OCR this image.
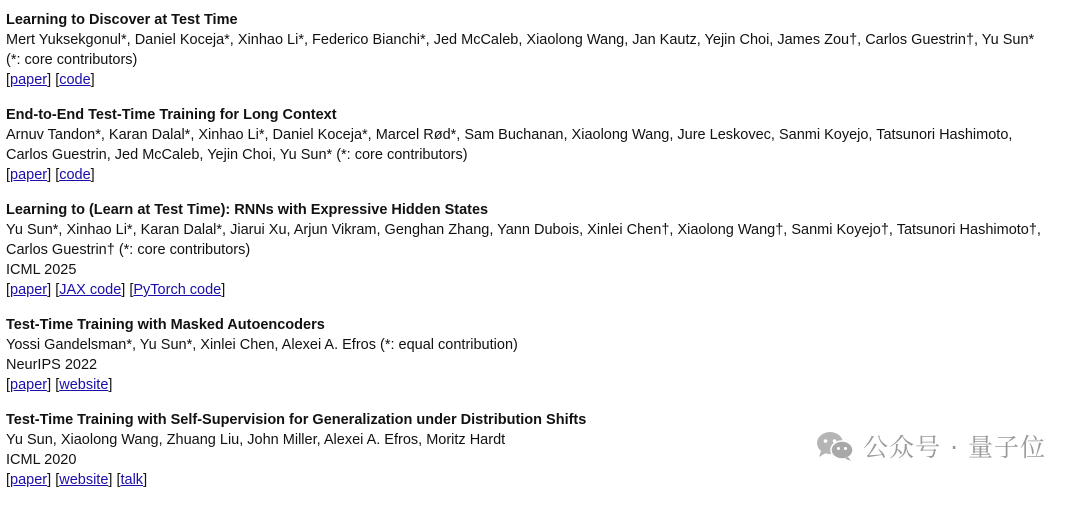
Learning to Discover at Test Time
Mert Yuksekgonul*, Daniel Koceja*, Xinhao Li*, Federico Bianchi*, Jed McCaleb, Xiaolong Wang, Jan Kautz, Yejin Choi, James Zou†, Carlos Guestrin†, Yu Sun*
(*: core contributors)
[paper] [code]
End-to-End Test-Time Training for Long Context
Arnuv Tandon*, Karan Dalal*, Xinhao Li*, Daniel Koceja*, Marcel Rød*, Sam Buchanan, Xiaolong Wang, Jure Leskovec, Sanmi Koyejo, Tatsunori Hashimoto,
Carlos Guestrin, Jed McCaleb, Yejin Choi, Yu Sun* (*: core contributors)
[paper] [code]
Learning to (Learn at Test Time): RNNs with Expressive Hidden States
Yu Sun*, Xinhao Li*, Karan Dalal*, Jiarui Xu, Arjun Vikram, Genghan Zhang, Yann Dubois, Xinlei Chen†, Xiaolong Wang†, Sanmi Koyejo†, Tatsunori Hashimoto†,
Carlos Guestrin† (*: core contributors)
ICML 2025
[paper] [JAX code] [PyTorch code]
Test-Time Training with Masked Autoencoders
Yossi Gandelsman*, Yu Sun*, Xinlei Chen, Alexei A. Efros (*: equal contribution)
NeurIPS 2022
[paper] [website]
Test-Time Training with Self-Supervision for Generalization under Distribution Shifts
Yu Sun, Xiaolong Wang, Zhuang Liu, John Miller, Alexei A. Efros, Moritz Hardt
ICML 2020
[paper] [website] [talk]
公众号 · 量子位
